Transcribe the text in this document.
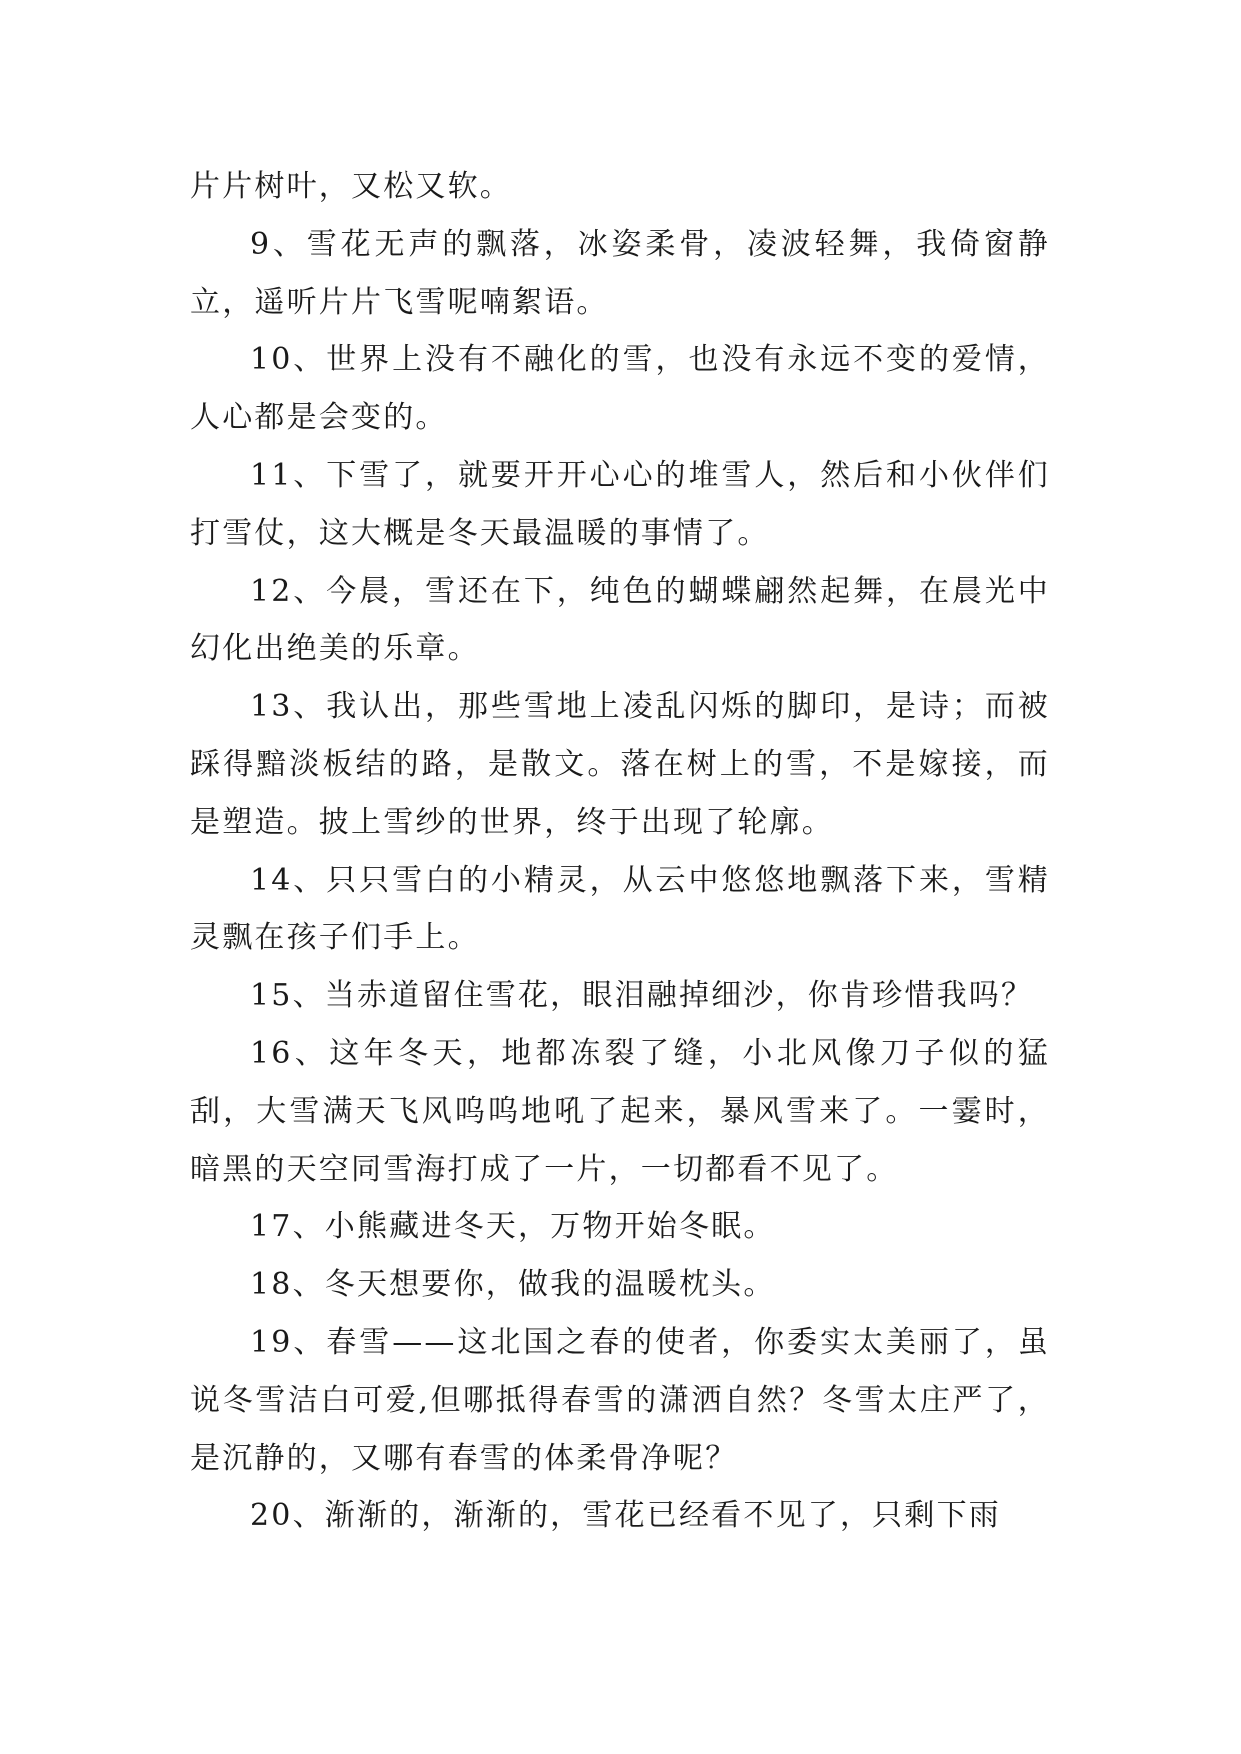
片片树叶，又松又软。

9、雪花无声的飘落，冰姿柔骨，凌波轻舞，我倚窗静立，遥听片片飞雪呢喃絮语。

10、世界上没有不融化的雪，也没有永远不变的爱情，人心都是会变的。

11、下雪了，就要开开心心的堆雪人，然后和小伙伴们打雪仗，这大概是冬天最温暖的事情了。

12、今晨，雪还在下，纯色的蝴蝶翩然起舞，在晨光中幻化出绝美的乐章。

13、我认出，那些雪地上凌乱闪烁的脚印，是诗；而被踩得黯淡板结的路，是散文。落在树上的雪，不是嫁接，而是塑造。披上雪纱的世界，终于出现了轮廓。

14、只只雪白的小精灵，从云中悠悠地飘落下来，雪精灵飘在孩子们手上。

15、当赤道留住雪花，眼泪融掉细沙，你肯珍惜我吗？

16、这年冬天，地都冻裂了缝，小北风像刀子似的猛刮，大雪满天飞风呜呜地吼了起来，暴风雪来了。一霎时，暗黑的天空同雪海打成了一片，一切都看不见了。

17、小熊藏进冬天，万物开始冬眠。

18、冬天想要你，做我的温暖枕头。

19、春雪——这北国之春的使者，你委实太美丽了，虽说冬雪洁白可爱,但哪抵得春雪的潇洒自然？冬雪太庄严了，是沉静的，又哪有春雪的体柔骨净呢？

20、渐渐的，渐渐的，雪花已经看不见了，只剩下雨
